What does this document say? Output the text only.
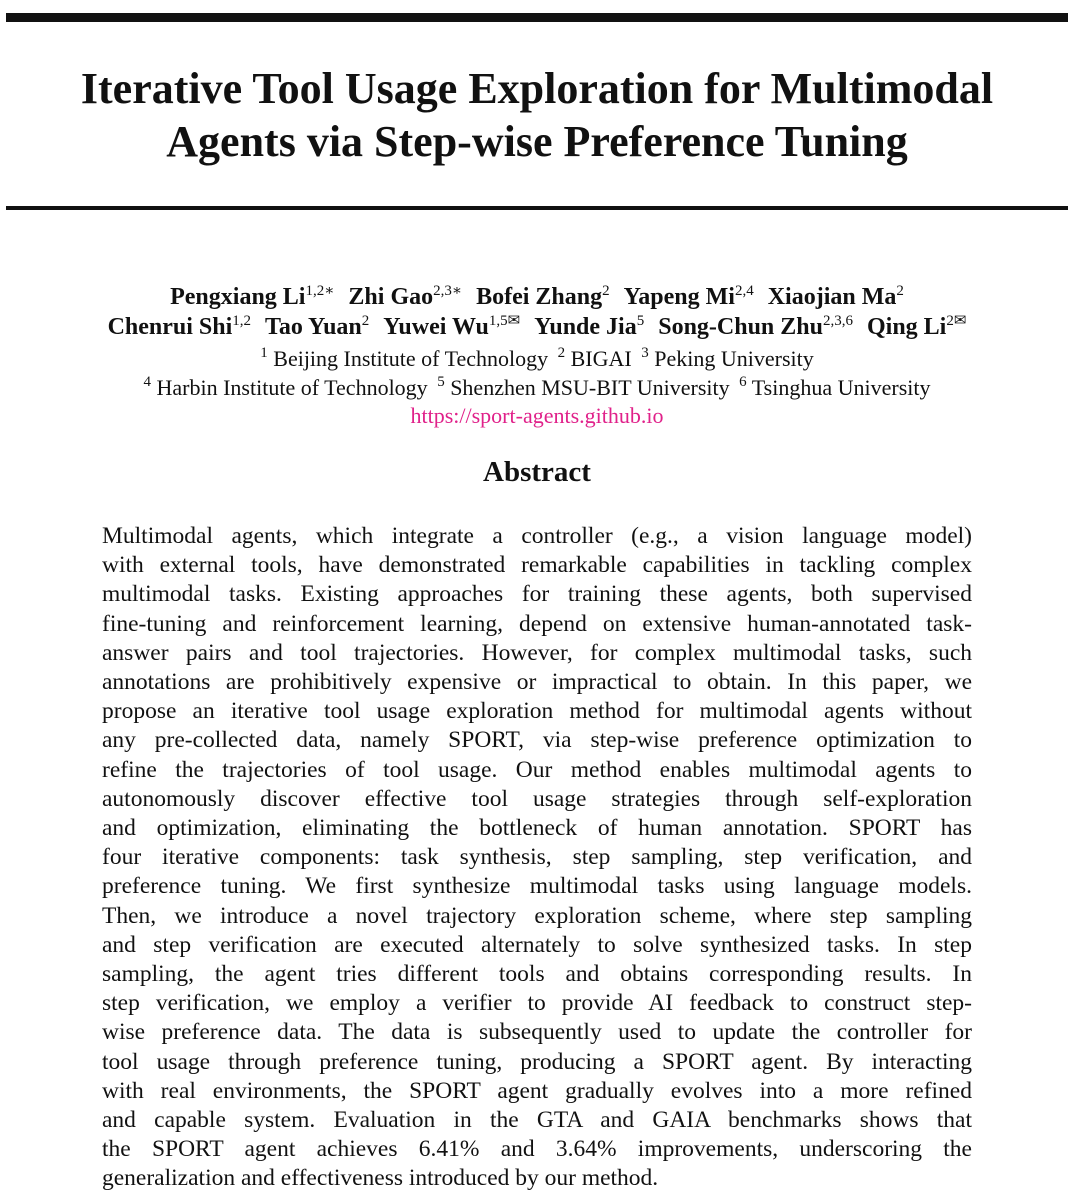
Iterative Tool Usage Exploration for Multimodal
Agents via Step-wise Preference Tuning
Pengxiang $Li^{1,2∗}$ Zhi Gao$^{2,3∗}$ Bofei Zhang$^2$ Yapeng Mi$^{2,4}$ Xiaojian Ma$^2$
Chenrui Shi$^{1,2}$ Tao Yuan$^2$ Yuwei $Wu^{1,5✉}$ Yunde Jia$^5$ Song-Chun Zhu$^{2,3,6}$ Qing $Li^{2✉}$
$^1$ Beijing Institute of Technology $^2$ BIGAI $^3$ Peking University
$^4$ Harbin Institute of Technology $^5$ Shenzhen MSU-BIT University $^6$ Tsinghua University
https://sport-agents.github.io
Abstract
Multimodal agents, which integrate a controller (e.g., a vision language model)
with external tools, have demonstrated remarkable capabilities in tackling complex
multimodal tasks. Existing approaches for training these agents, both supervised
fine-tuning and reinforcement learning, depend on extensive human-annotated task-
answer pairs and tool trajectories. However, for complex multimodal tasks, such
annotations are prohibitively expensive or impractical to obtain. In this paper, we
propose an iterative tool usage exploration method for multimodal agents without
any pre-collected data, namely SPORT, via step-wise preference optimization to
refine the trajectories of tool usage. Our method enables multimodal agents to
autonomously discover effective tool usage strategies through self-exploration
and optimization, eliminating the bottleneck of human annotation. SPORT has
four iterative components: task synthesis, step sampling, step verification, and
preference tuning. We first synthesize multimodal tasks using language models.
Then, we introduce a novel trajectory exploration scheme, where step sampling
and step verification are executed alternately to solve synthesized tasks. In step
sampling, the agent tries different tools and obtains corresponding results. In
step verification, we employ a verifier to provide AI feedback to construct step-
wise preference data. The data is subsequently used to update the controller for
tool usage through preference tuning, producing a SPORT agent. By interacting
with real environments, the SPORT agent gradually evolves into a more refined
and capable system. Evaluation in the GTA and GAIA benchmarks shows that
the SPORT agent achieves 6.41% and 3.64% improvements, underscoring the
generalization and effectiveness introduced by our method.
